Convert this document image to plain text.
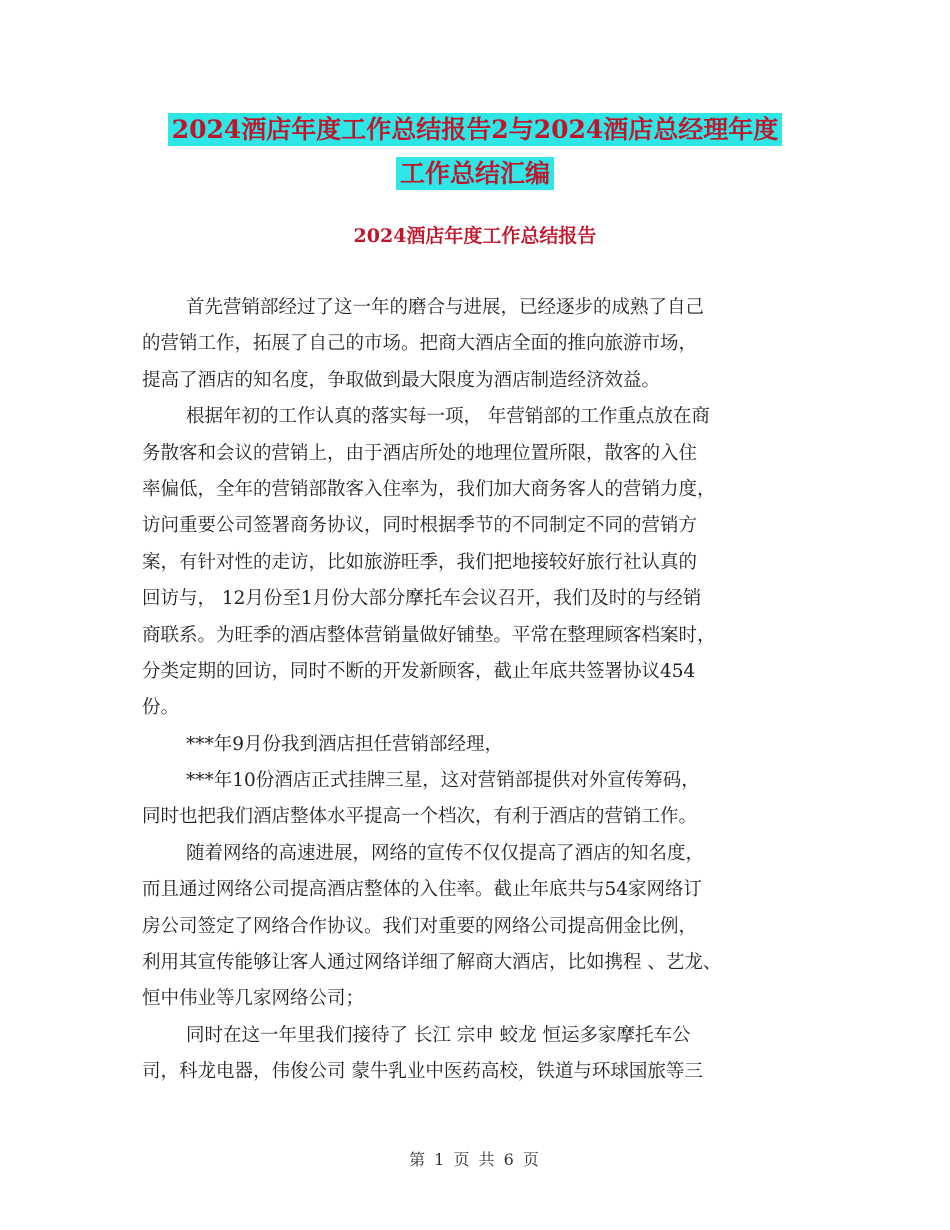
2024酒店年度工作总结报告2与2024酒店总经理年度
工作总结汇编
2024酒店年度工作总结报告
首先营销部经过了这一年的磨合与进展，已经逐步的成熟了自己
的营销工作，拓展了自己的市场。把商大酒店全面的推向旅游市场，
提高了酒店的知名度，争取做到最大限度为酒店制造经济效益。
根据年初的工作认真的落实每一项， 年营销部的工作重点放在商
务散客和会议的营销上，由于酒店所处的地理位置所限，散客的入住
率偏低，全年的营销部散客入住率为，我们加大商务客人的营销力度，
访问重要公司签署商务协议，同时根据季节的不同制定不同的营销方
案，有针对性的走访，比如旅游旺季，我们把地接较好旅行社认真的
回访与， 12月份至1月份大部分摩托车会议召开，我们及时的与经销
商联系。为旺季的酒店整体营销量做好铺垫。平常在整理顾客档案时，
分类定期的回访，同时不断的开发新顾客，截止年底共签署协议454
份。
***年9月份我到酒店担任营销部经理，
***年10份酒店正式挂牌三星，这对营销部提供对外宣传筹码，
同时也把我们酒店整体水平提高一个档次，有利于酒店的营销工作。
随着网络的高速进展，网络的宣传不仅仅提高了酒店的知名度，
而且通过网络公司提高酒店整体的入住率。截止年底共与54家网络订
房公司签定了网络合作协议。我们对重要的网络公司提高佣金比例，
利用其宣传能够让客人通过网络详细了解商大酒店，比如携程 、艺龙、
恒中伟业等几家网络公司；
同时在这一年里我们接待了 长江 宗申 蛟龙 恒运多家摩托车公
司，科龙电器，伟俊公司 蒙牛乳业中医药高校，铁道与环球国旅等三
第 1 页 共 6 页
